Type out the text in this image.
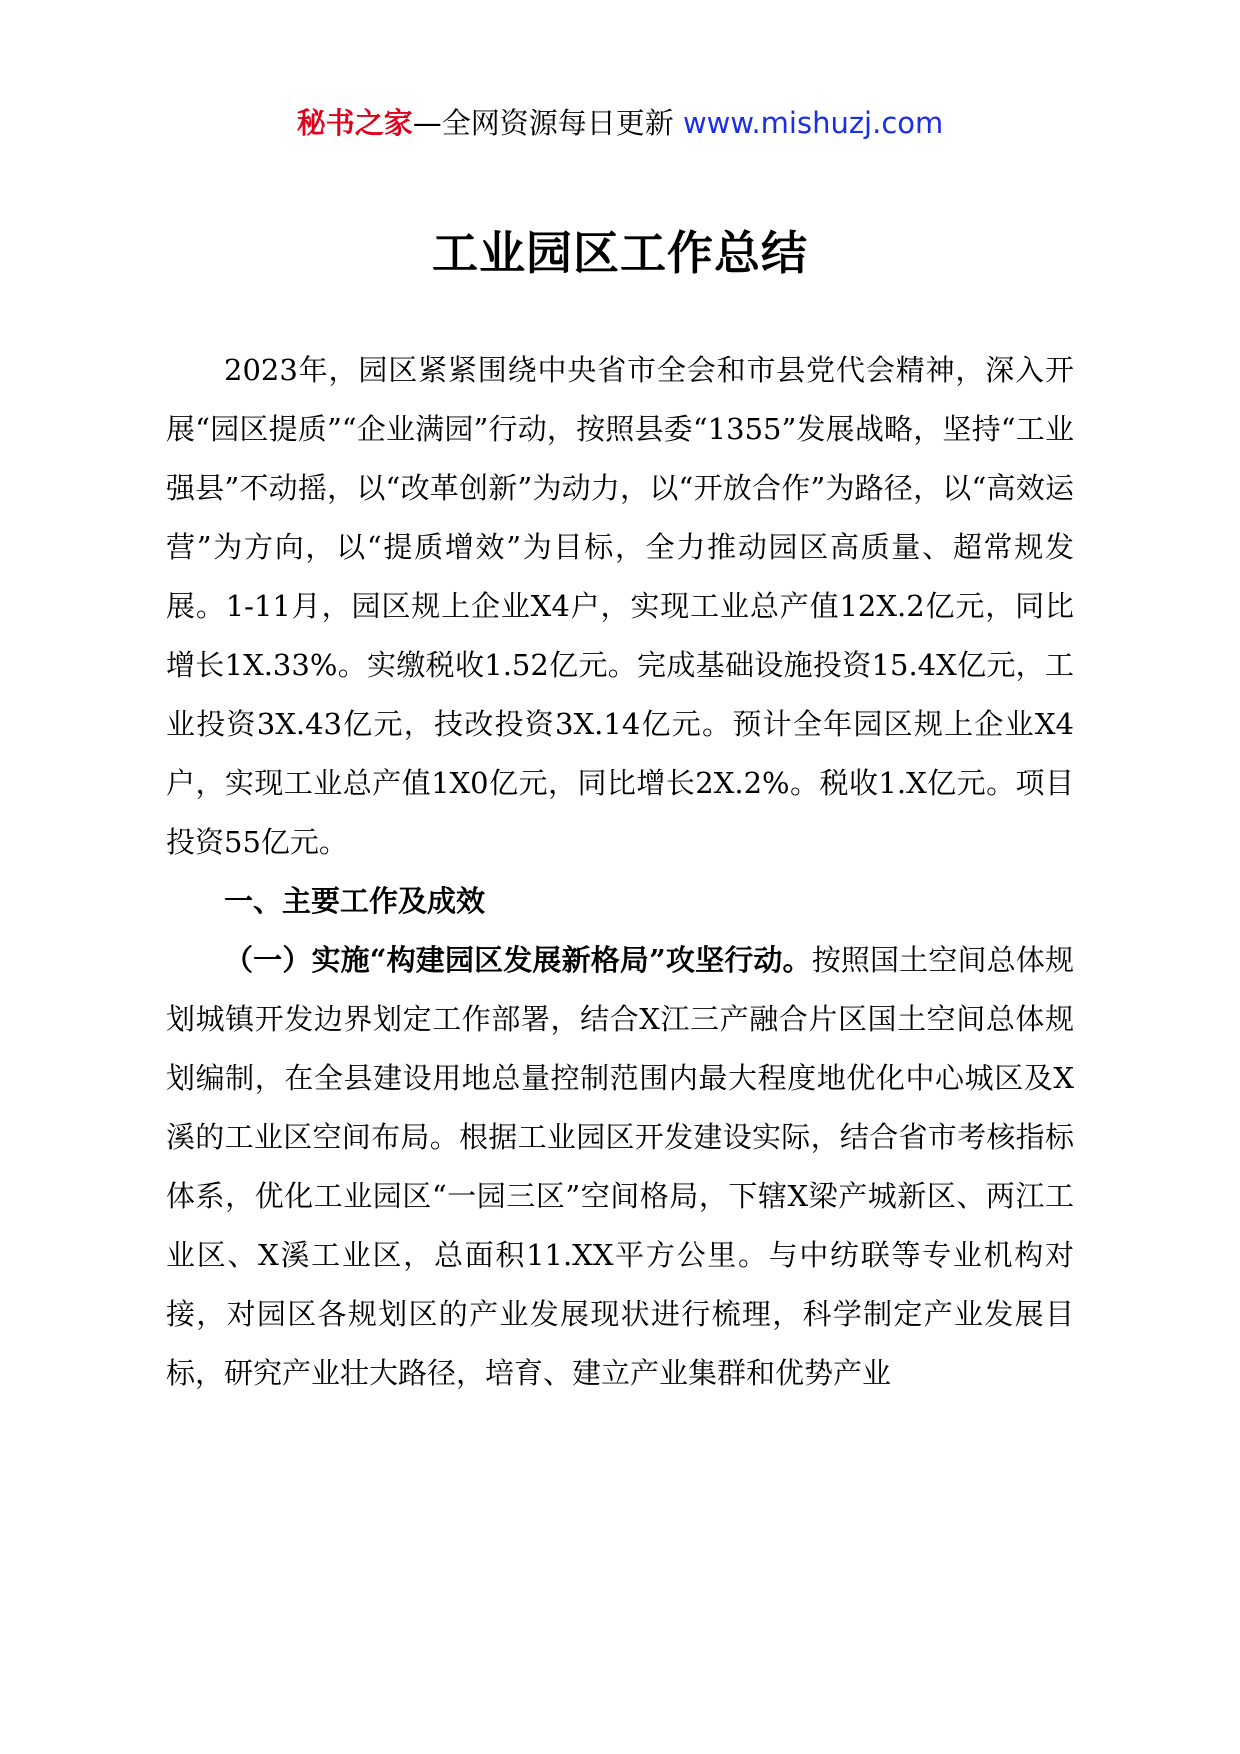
秘书之家—全网资源每日更新 www.mishuzj.com
工业园区工作总结

2023年，园区紧紧围绕中央省市全会和市县党代会精神，深入开展“园区提质”“企业满园”行动，按照县委“1355”发展战略，坚持“工业强县”不动摇，以“改革创新”为动力，以“开放合作”为路径，以“高效运营”为方向，以“提质增效”为目标，全力推动园区高质量、超常规发展。1-11月，园区规上企业X4户，实现工业总产值12X.2亿元，同比增长1X.33%。实缴税收1.52亿元。完成基础设施投资15.4X亿元，工业投资3X.43亿元，技改投资3X.14亿元。预计全年园区规上企业X4户，实现工业总产值1X0亿元，同比增长2X.2%。税收1.X亿元。项目投资55亿元。

一、主要工作及成效

（一）实施“构建园区发展新格局”攻坚行动。按照国土空间总体规划城镇开发边界划定工作部署，结合X江三产融合片区国土空间总体规划编制，在全县建设用地总量控制范围内最大程度地优化中心城区及X溪的工业区空间布局。根据工业园区开发建设实际，结合省市考核指标体系，优化工业园区“一园三区”空间格局，下辖X梁产城新区、两江工业区、X溪工业区，总面积11.XX平方公里。与中纺联等专业机构对接，对园区各规划区的产业发展现状进行梳理，科学制定产业发展目标，研究产业壮大路径，培育、建立产业集群和优势产业
